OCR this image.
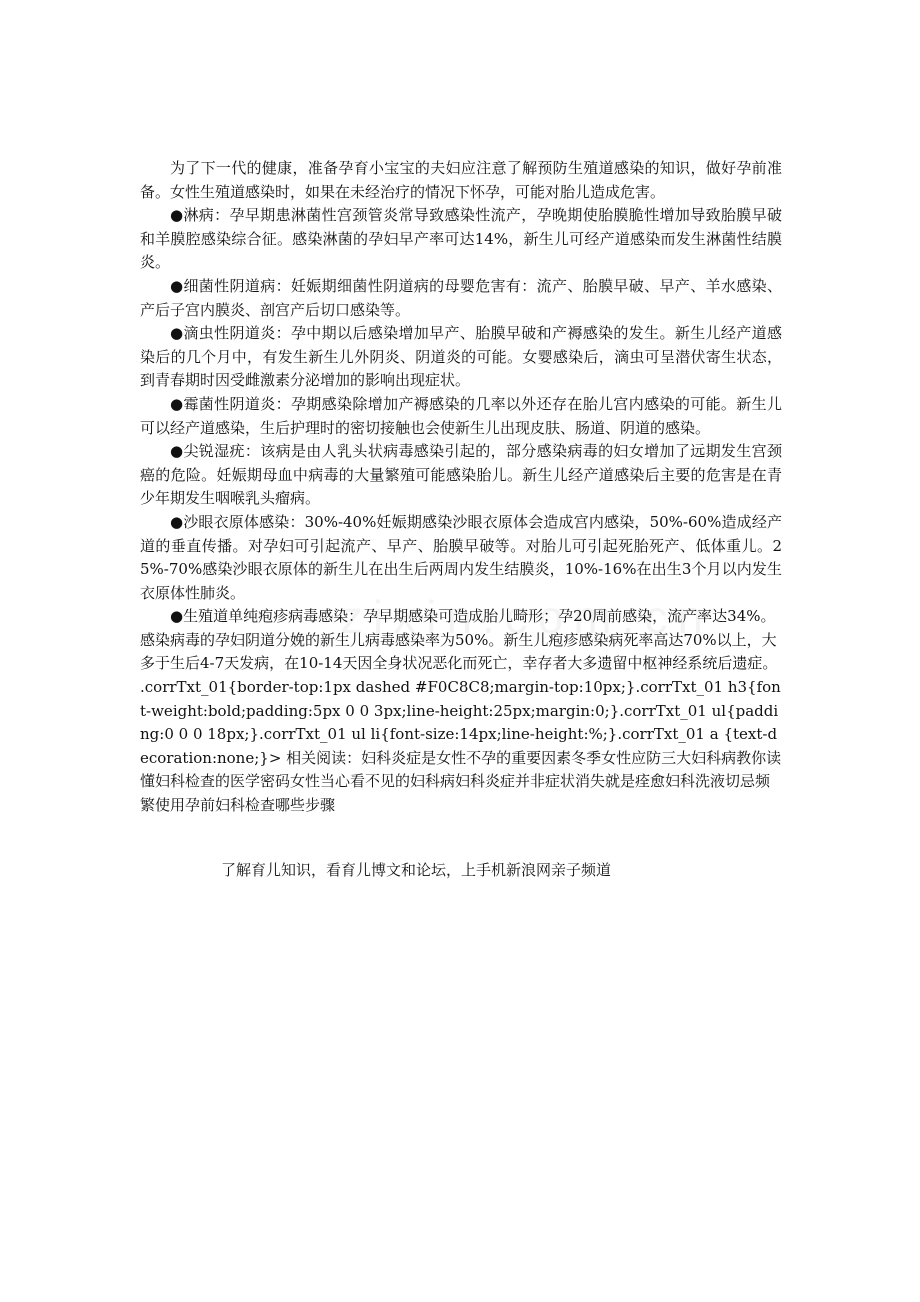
为了下一代的健康，准备孕育小宝宝的夫妇应注意了解预防生殖道感染的知识，做好孕前准备。女性生殖道感染时，如果在未经治疗的情况下怀孕，可能对胎儿造成危害。

●淋病：孕早期患淋菌性宫颈管炎常导致感染性流产，孕晚期使胎膜脆性增加导致胎膜早破和羊膜腔感染综合征。感染淋菌的孕妇早产率可达14%，新生儿可经产道感染而发生淋菌性结膜炎。

●细菌性阴道病：妊娠期细菌性阴道病的母婴危害有：流产、胎膜早破、早产、羊水感染、产后子宫内膜炎、剖宫产后切口感染等。

●滴虫性阴道炎：孕中期以后感染增加早产、胎膜早破和产褥感染的发生。新生儿经产道感染后的几个月中，有发生新生儿外阴炎、阴道炎的可能。女婴感染后，滴虫可呈潜伏寄生状态，到青春期时因受雌激素分泌增加的影响出现症状。

●霉菌性阴道炎：孕期感染除增加产褥感染的几率以外还存在胎儿宫内感染的可能。新生儿可以经产道感染，生后护理时的密切接触也会使新生儿出现皮肤、肠道、阴道的感染。

●尖锐湿疣：该病是由人乳头状病毒感染引起的，部分感染病毒的妇女增加了远期发生宫颈癌的危险。妊娠期母血中病毒的大量繁殖可能感染胎儿。新生儿经产道感染后主要的危害是在青少年期发生咽喉乳头瘤病。

●沙眼衣原体感染：30%-40%妊娠期感染沙眼衣原体会造成宫内感染，50%-60%造成经产道的垂直传播。对孕妇可引起流产、早产、胎膜早破等。对胎儿可引起死胎死产、低体重儿。25%-70%感染沙眼衣原体的新生儿在出生后两周内发生结膜炎，10%-16%在出生3个月以内发生衣原体性肺炎。

●生殖道单纯疱疹病毒感染：孕早期感染可造成胎儿畸形；孕20周前感染，流产率达34%。感染病毒的孕妇阴道分娩的新生儿病毒感染率为50%。新生儿疱疹感染病死率高达70%以上，大多于生后4-7天发病，在10-14天因全身状况恶化而死亡，幸存者大多遗留中枢神经系统后遗症。 .corrTxt_01{border-top:1px dashed #F0C8C8;margin-top:10px;}.corrTxt_01 h3{font-weight:bold;padding:5px 0 0 3px;line-height:25px;margin:0;}.corrTxt_01 ul{padding:0 0 0 18px;}.corrTxt_01 ul li{font-size:14px;line-height:%;}.corrTxt_01 a {text-decoration:none;}> 相关阅读：妇科炎症是女性不孕的重要因素冬季女性应防三大妇科病教你读懂妇科检查的医学密码女性当心看不见的妇科病妇科炎症并非症状消失就是痊愈妇科洗液切忌频繁使用孕前妇科检查哪些步骤

了解育儿知识，看育儿博文和论坛，上手机新浪网亲子频道
